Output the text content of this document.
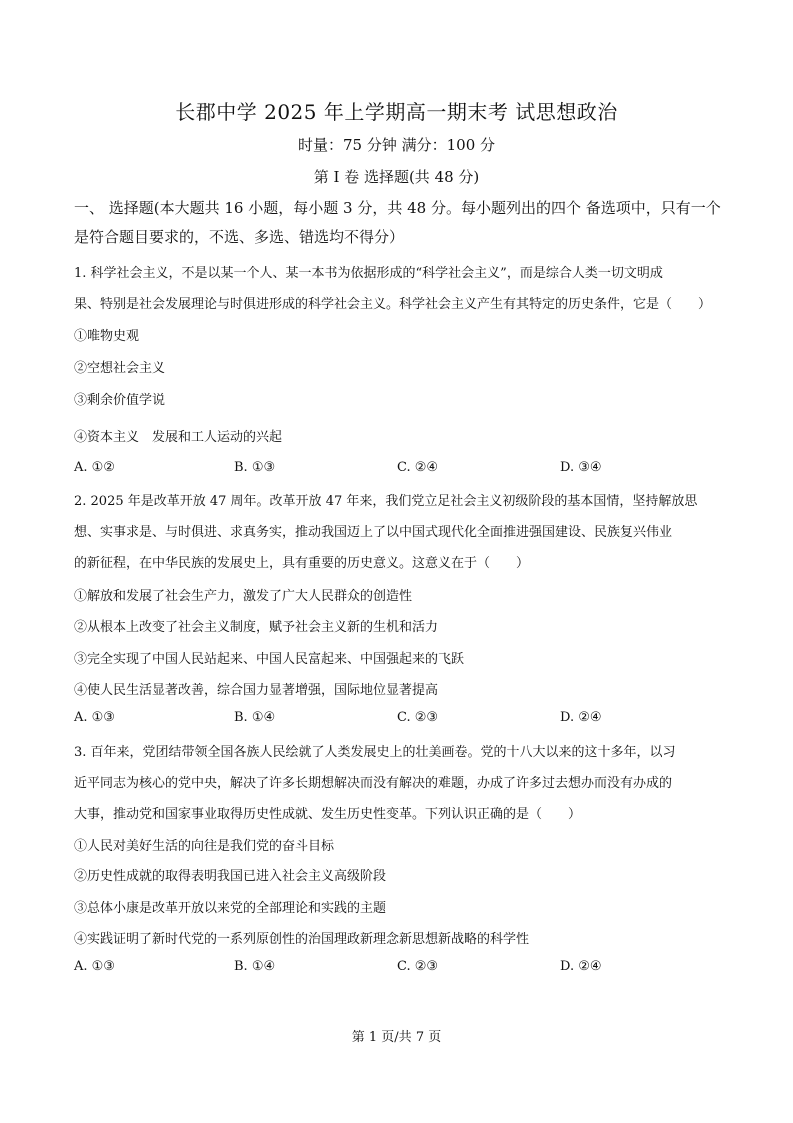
长郡中学 2025 年上学期高一期末考 试思想政治
时量：75 分钟 满分：100 分
第 I 卷 选择题(共 48 分)
一、 选择题(本大题共 16 小题，每小题 3 分，共 48 分。每小题列出的四个 备选项中，只有一个是符合题目要求的，不选、多选、错选均不得分）
1. 科学社会主义，不是以某一个人、某一本书为依据形成的“科学社会主义”，而是综合人类一切文明成
果、特别是社会发展理论与时俱进形成的科学社会主义。科学社会主义产生有其特定的历史条件，它是（　　）
①唯物史观
②空想社会主义
③剩余价值学说
④资本主义　发展和工人运动的兴起
A. ①②	B. ①③	C. ②④	D. ③④
2. 2025 年是改革开放 47 周年。改革开放 47 年来，我们党立足社会主义初级阶段的基本国情，坚持解放思
想、实事求是、与时俱进、求真务实，推动我国迈上了以中国式现代化全面推进强国建设、民族复兴伟业
的新征程，在中华民族的发展史上，具有重要的历史意义。这意义在于（　　）
①解放和发展了社会生产力，激发了广大人民群众的创造性
②从根本上改变了社会主义制度，赋予社会主义新的生机和活力
③完全实现了中国人民站起来、中国人民富起来、中国强起来的飞跃
④使人民生活显著改善，综合国力显著增强，国际地位显著提高
A. ①③	B. ①④	C. ②③	D. ②④
3. 百年来，党团结带领全国各族人民绘就了人类发展史上的壮美画卷。党的十八大以来的这十多年，以习
近平同志为核心的党中央，解决了许多长期想解决而没有解决的难题，办成了许多过去想办而没有办成的
大事，推动党和国家事业取得历史性成就、发生历史性变革。下列认识正确的是（　　）
①人民对美好生活的向往是我们党的奋斗目标
②历史性成就的取得表明我国已进入社会主义高级阶段
③总体小康是改革开放以来党的全部理论和实践的主题
④实践证明了新时代党的一系列原创性的治国理政新理念新思想新战略的科学性
A. ①③	B. ①④	C. ②③	D. ②④
第 1 页/共 7 页
